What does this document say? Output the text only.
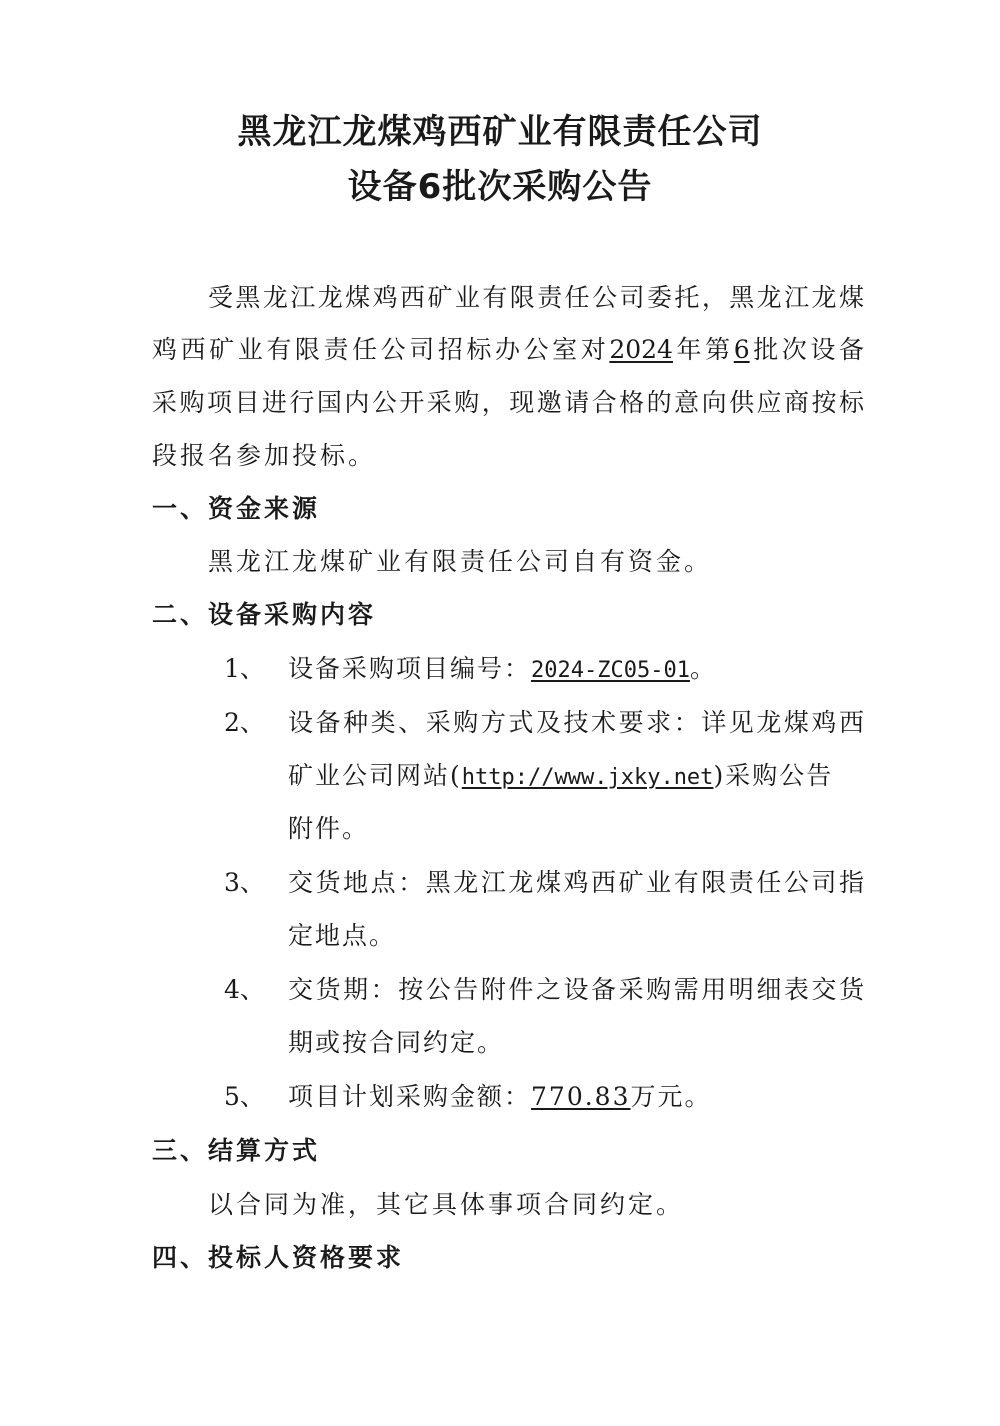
黑龙江龙煤鸡西矿业有限责任公司
设备6批次采购公告
受黑龙江龙煤鸡西矿业有限责任公司委托，黑龙江龙煤
鸡西矿业有限责任公司招标办公室对2024年第6批次设备
采购项目进行国内公开采购，现邀请合格的意向供应商按标
段报名参加投标。
一、资金来源
黑龙江龙煤矿业有限责任公司自有资金。
二、设备采购内容
1、 设备采购项目编号：2024-ZC05-01。
2、 设备种类、采购方式及技术要求：详见龙煤鸡西
矿业公司网站(http://www.jxky.net)采购公告
附件。
3、 交货地点：黑龙江龙煤鸡西矿业有限责任公司指
定地点。
4、 交货期：按公告附件之设备采购需用明细表交货
期或按合同约定。
5、 项目计划采购金额：770.83万元。
三、结算方式
以合同为准，其它具体事项合同约定。
四、投标人资格要求
